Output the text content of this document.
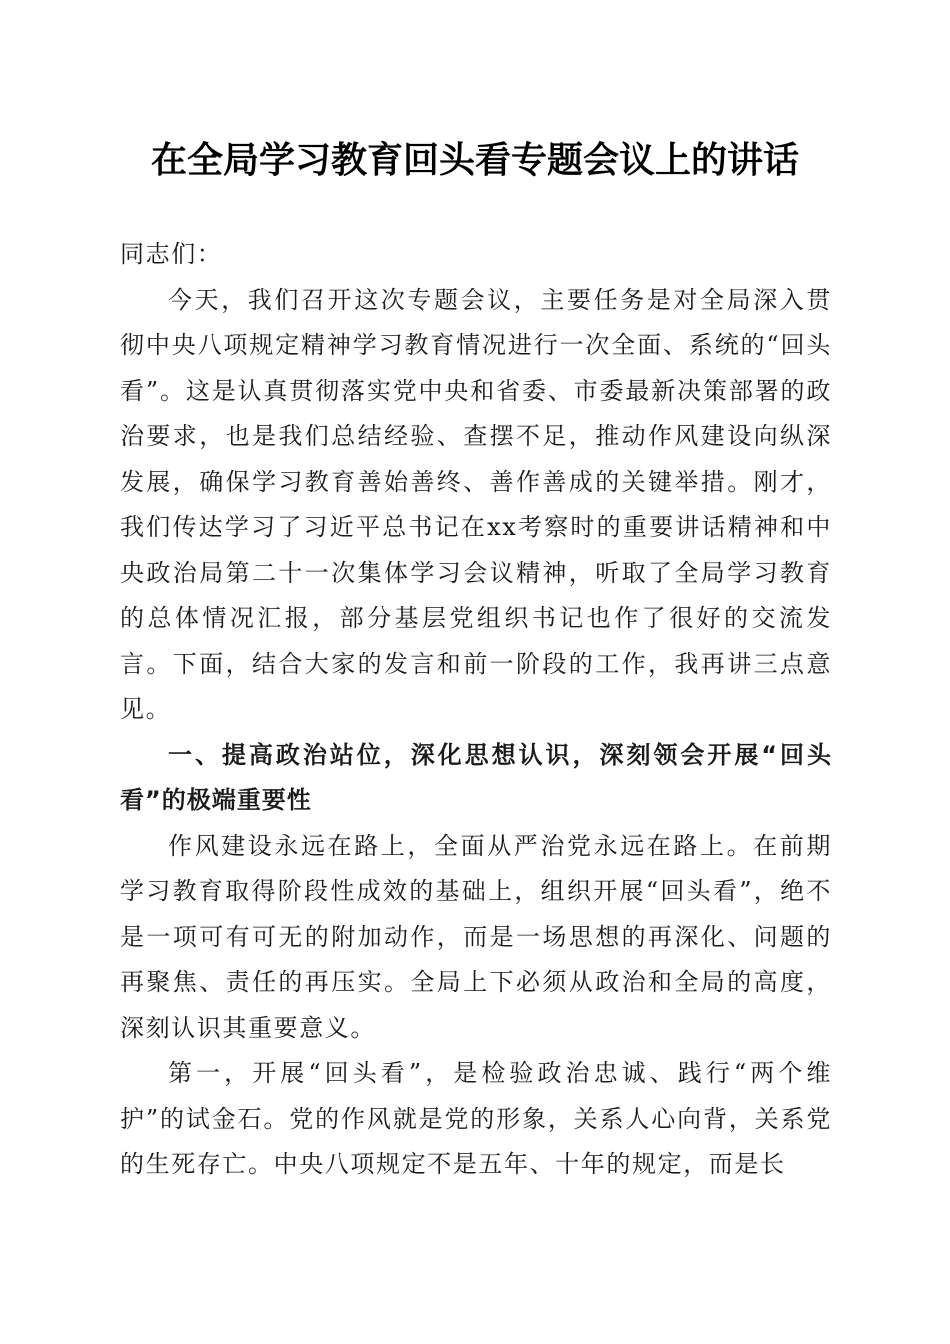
在全局学习教育回头看专题会议上的讲话

同志们：

今天，我们召开这次专题会议，主要任务是对全局深入贯彻中央八项规定精神学习教育情况进行一次全面、系统的“回头看”。这是认真贯彻落实党中央和省委、市委最新决策部署的政治要求，也是我们总结经验、查摆不足，推动作风建设向纵深发展，确保学习教育善始善终、善作善成的关键举措。刚才，我们传达学习了习近平总书记在xx考察时的重要讲话精神和中央政治局第二十一次集体学习会议精神，听取了全局学习教育的总体情况汇报，部分基层党组织书记也作了很好的交流发言。下面，结合大家的发言和前一阶段的工作，我再讲三点意见。

一、提高政治站位，深化思想认识，深刻领会开展“回头看”的极端重要性

作风建设永远在路上，全面从严治党永远在路上。在前期学习教育取得阶段性成效的基础上，组织开展“回头看”，绝不是一项可有可无的附加动作，而是一场思想的再深化、问题的再聚焦、责任的再压实。全局上下必须从政治和全局的高度，深刻认识其重要意义。

第一，开展“回头看”，是检验政治忠诚、践行“两个维护”的试金石。党的作风就是党的形象，关系人心向背，关系党的生死存亡。中央八项规定不是五年、十年的规定，而是长
